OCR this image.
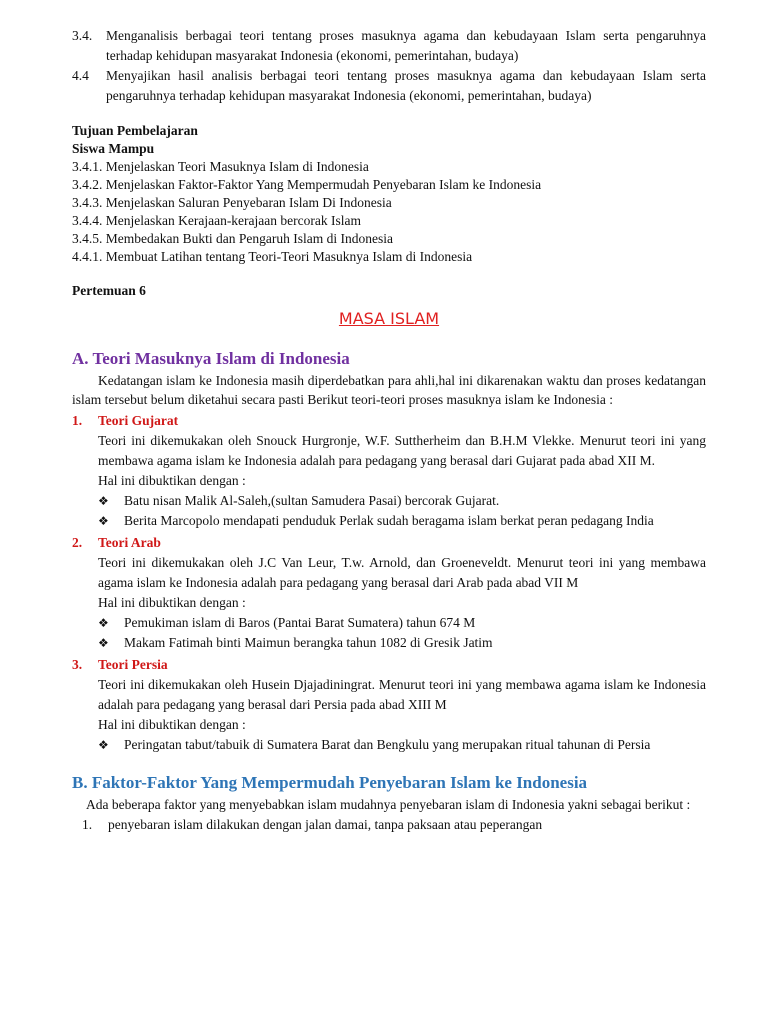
3.4.	Menganalisis berbagai teori tentang proses masuknya agama dan kebudayaan Islam serta pengaruhnya terhadap kehidupan masyarakat Indonesia (ekonomi, pemerintahan, budaya)
4.4	Menyajikan hasil analisis berbagai teori tentang proses masuknya agama dan kebudayaan Islam serta pengaruhnya terhadap kehidupan masyarakat Indonesia (ekonomi, pemerintahan, budaya)
Tujuan Pembelajaran
Siswa Mampu
3.4.1. Menjelaskan Teori Masuknya Islam di Indonesia
3.4.2. Menjelaskan Faktor-Faktor Yang Mempermudah Penyebaran Islam ke Indonesia
3.4.3. Menjelaskan Saluran Penyebaran Islam Di Indonesia
3.4.4. Menjelaskan Kerajaan-kerajaan bercorak Islam
3.4.5. Membedakan Bukti dan Pengaruh Islam di Indonesia
4.4.1. Membuat Latihan tentang Teori-Teori Masuknya Islam di Indonesia
Pertemuan 6
MASA ISLAM
A. Teori Masuknya Islam di Indonesia
Kedatangan islam ke Indonesia masih diperdebatkan para ahli,hal ini dikarenakan waktu dan proses kedatangan islam tersebut belum diketahui secara pasti Berikut teori-teori proses masuknya islam ke Indonesia :
1.	Teori Gujarat
Teori ini dikemukakan oleh Snouck Hurgronje, W.F. Suttherheim dan B.H.M Vlekke. Menurut teori ini yang membawa agama islam ke Indonesia adalah para pedagang yang berasal dari Gujarat pada abad XII M.
Hal ini dibuktikan dengan :
❖	Batu nisan Malik Al-Saleh,(sultan Samudera Pasai) bercorak Gujarat.
❖	Berita Marcopolo mendapati penduduk Perlak sudah beragama islam berkat peran pedagang India
2.	Teori Arab
Teori ini dikemukakan oleh J.C Van Leur, T.w. Arnold, dan Groeneveldt. Menurut teori ini yang membawa agama islam ke Indonesia adalah para pedagang yang berasal dari Arab pada abad VII M
Hal ini dibuktikan dengan :
❖	Pemukiman islam di Baros (Pantai Barat Sumatera) tahun 674 M
❖	Makam Fatimah binti Maimun berangka tahun 1082 di Gresik Jatim
3.	Teori Persia
Teori ini dikemukakan oleh Husein Djajadiningrat. Menurut teori ini yang membawa agama islam ke Indonesia adalah para pedagang yang berasal dari Persia pada abad XIII M
Hal ini dibuktikan dengan :
❖	Peringatan tabut/tabuik di Sumatera Barat dan Bengkulu yang merupakan ritual tahunan di Persia
B. Faktor-Faktor Yang Mempermudah Penyebaran Islam ke Indonesia
Ada beberapa faktor yang menyebabkan islam mudahnya penyebaran islam di Indonesia yakni sebagai berikut :
1.	penyebaran islam dilakukan dengan jalan damai, tanpa paksaan atau peperangan
